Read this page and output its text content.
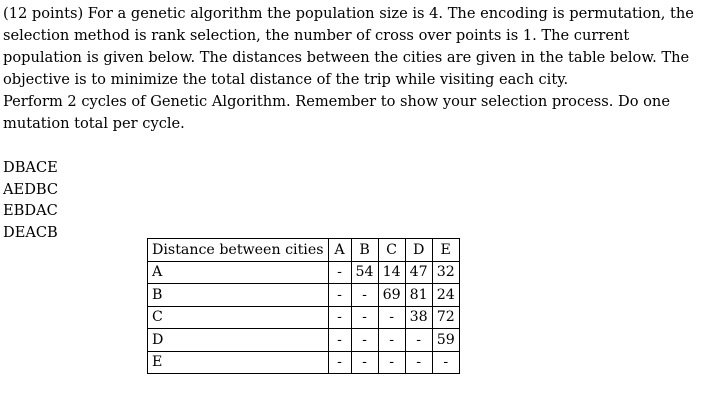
(12 points) For a genetic algorithm the population size is 4. The encoding is permutation, the selection method is rank selection, the number of cross over points is 1. The current population is given below. The distances between the cities are given in the table below. The objective is to minimize the total distance of the trip while visiting each city.

Perform 2 cycles of Genetic Algorithm. Remember to show your selection process. Do one mutation total per cycle.

DBACE
AEDBC
EBDAC
DEACB
Distance between cities	A	B	C	D	E
A	-	54	14	47	32
B	-	-	69	81	24
C	-	-	-	38	72
D	-	-	-	-	59
E	-	-	-	-	-
